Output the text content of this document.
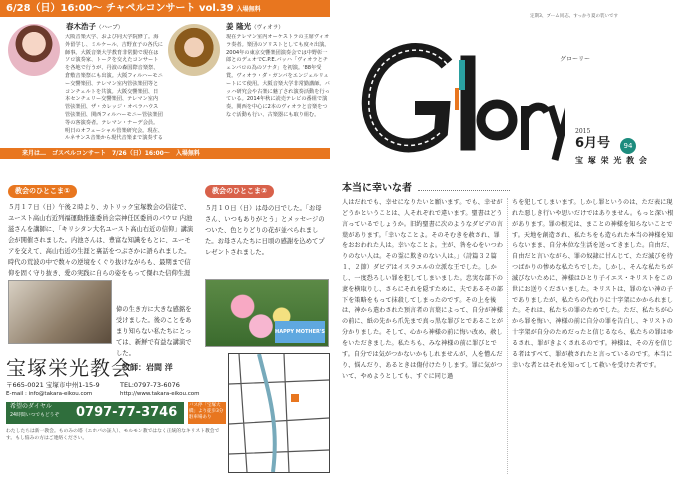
6/28（日）16:00～ チャペルコンサート vol.39 入場無料
春木浩子（ハープ）
大阪音楽大学、および同大学院修了。海外留学し、ミルケール、吉野直子の各氏に師事。大阪音楽大学教育非常勤で現在はソロ演奏家、トークを交えたコンサートを各地で行うが、丹波の森国際音楽祭、倉敷音楽祭にも出演。大阪フィルハーモニー交響楽団、テレマン室内管弦楽団等とコンチェルトを共演。大阪交響楽団、日本センチュリー交響楽団、テレマン室内管弦楽団、ザ・カレッジ・オペラハウス管弦楽団、関西フィルハーモニー管弦楽団等の客演奏者。テレマン・ナーデ会員。明日のオフェーシャル管楽研究会。現在、ルネサンス音楽から現代音楽まで演奏する
姜 隆光（ヴィオラ）
現在テレマン室内オーケストラの主席ヴィオラ奏者。楽団のソリストとしても度々出演。2004年の東京交響楽団演奏会では中野彰一郎とのデュオでC.P.E.バッハ「ヴィオラとチェンバロの為のソナタ」を初演。'88年受賞。ヴィオラ・ダ・ガンバをエンジェルリュートにて使用。大阪音楽大学非常勤講師。バッハ研究会や古楽に魅了され演奏活動を行っている。2014年秋に読売テレビの番組で演奏。関西を中心に2本のヴィオラと音楽をつなぐ活動も行い、古楽器にも取り組む。
来月は…　ゴスペルコンサート　7/26（日）16:00～　入場無料
教会のひとこま①
５月１７日（日）午後２時より、カトリック宝塚教会の信徒で、ユースト高山右近列福運動推進委員会宗神任区委員のパウロ 内池 滋さんを講師に、「キリシタン大名ユースト高山右近の信仰」講演会が開催されました。内池さんは、豊富な知識をもとに、ユーモアを交えて、高山右近の生涯と裏話をつぶさかに語られました。時代の荒波の中で数々の逆境をくぐり抜けながらも、最期まで信仰を固く守り抜き、愛の実践に自らの姿をもって傑れた信仰生涯
偉の生き方に大きな感銘を受けました。後のことをあまり知らない私たちにとっては、新鮮で有益な講演でした。
教会のひとこま②
５月１０日（日）は母の日でした。「お母さん、いつもありがとう」とメッセージのついた、色とりどりの花が並べられました。お母さんたちに日頃の感謝を込めてプレゼントされました。
HAPPY MOTHER'S
宝塚栄光教会
牧師：岩間 洋
〒665-0021 宝塚市中州1-15-9	TEL:0797-73-6076
E-mail : info@takara-eikou.com	http://www.takara-eikou.com
希望のダイヤル
24時間いつでもどうぞ 0797-77-3746	バス停「宝塚大橋」より徒歩3分 駐車場あり
わたしたちは新一教会。ものみの塔（エホバの証人）、モルモン教ではなく正統的なキリスト教会です。もし悩みの方はご連絡ください。
定期3、ブーム同志、すっかり夏の装いです
グローリー
2015
6月号	94
宝 塚 栄 光 教 会
本当に幸いな者
人はだれでも、幸せになりたいと願います。でも、幸せがどうかということは、人それぞれで違います。聖書はどう言っているでしょうか。旧約聖書に次のようなダビデの言葉があります。「幸いなことよ。そのそむきを赦され、罪をおおわれた人は。幸いなことよ。主が、咎を心をいつわりのない人は。その霊に欺きのない人は。」（詩篇３２篇１、２節）ダビデはイスラエルの立派な王でした。しかし、一度恐ろしい罪を犯してしまいました。忠実な部下の妻を横取りし、さらにそれを隠すために、夫であるその部下を策略をもって抹殺してしまったのです。その上を後は、神から遣わされた預言者の言葉によって、自分が神様の前に、紙の先から爪先まで真っ黒な罪びとであることが分かりました。そして、心から神様の前に悔い改め、赦しをいただきました。私たちも、みな神様の前に罪びとです。自分では気がつかないかもしれませんが、人を憎んだり、悩んだり、あるときは傷付けたりします。罪に気がついて、やめようとしても、すぐに同じ過
ちを犯してしまいます。しかし罪というのは、ただ表に現れた悪しき行いや思いだけではありません。もっと深い根があります。罪の根元は、まことの神様を知らないことです。天地を創造され、私たちをも造られた本当の神様を知らないまま、自分本位な生活を送ってきました。自由だ、自由だと言いながら、罪の奴隷に甘んじて、ただ滅びを待つばかりの惨めな私たちでした。しかし、そんな私たちが滅びないために、神様はひとり子イエス・キリストをこの世にお送りくださいました。キリストは、罪のない神の子でありましたが、私たちの代わりに十字架にかかられました。それは、私たちの罪のためでした。ただ、私たちが心から罪を悔い、神様の前に自分の罪を告白し、キリストの十字架が自分のためだったと信じるなら、私たちの罪はゆるされ、罪がきよくされるのです。神様は、その方を信じる者はすべて、罪が赦されたと言っているのです。本当に幸いな者とはそれを知ってして救いを受けた者です。
